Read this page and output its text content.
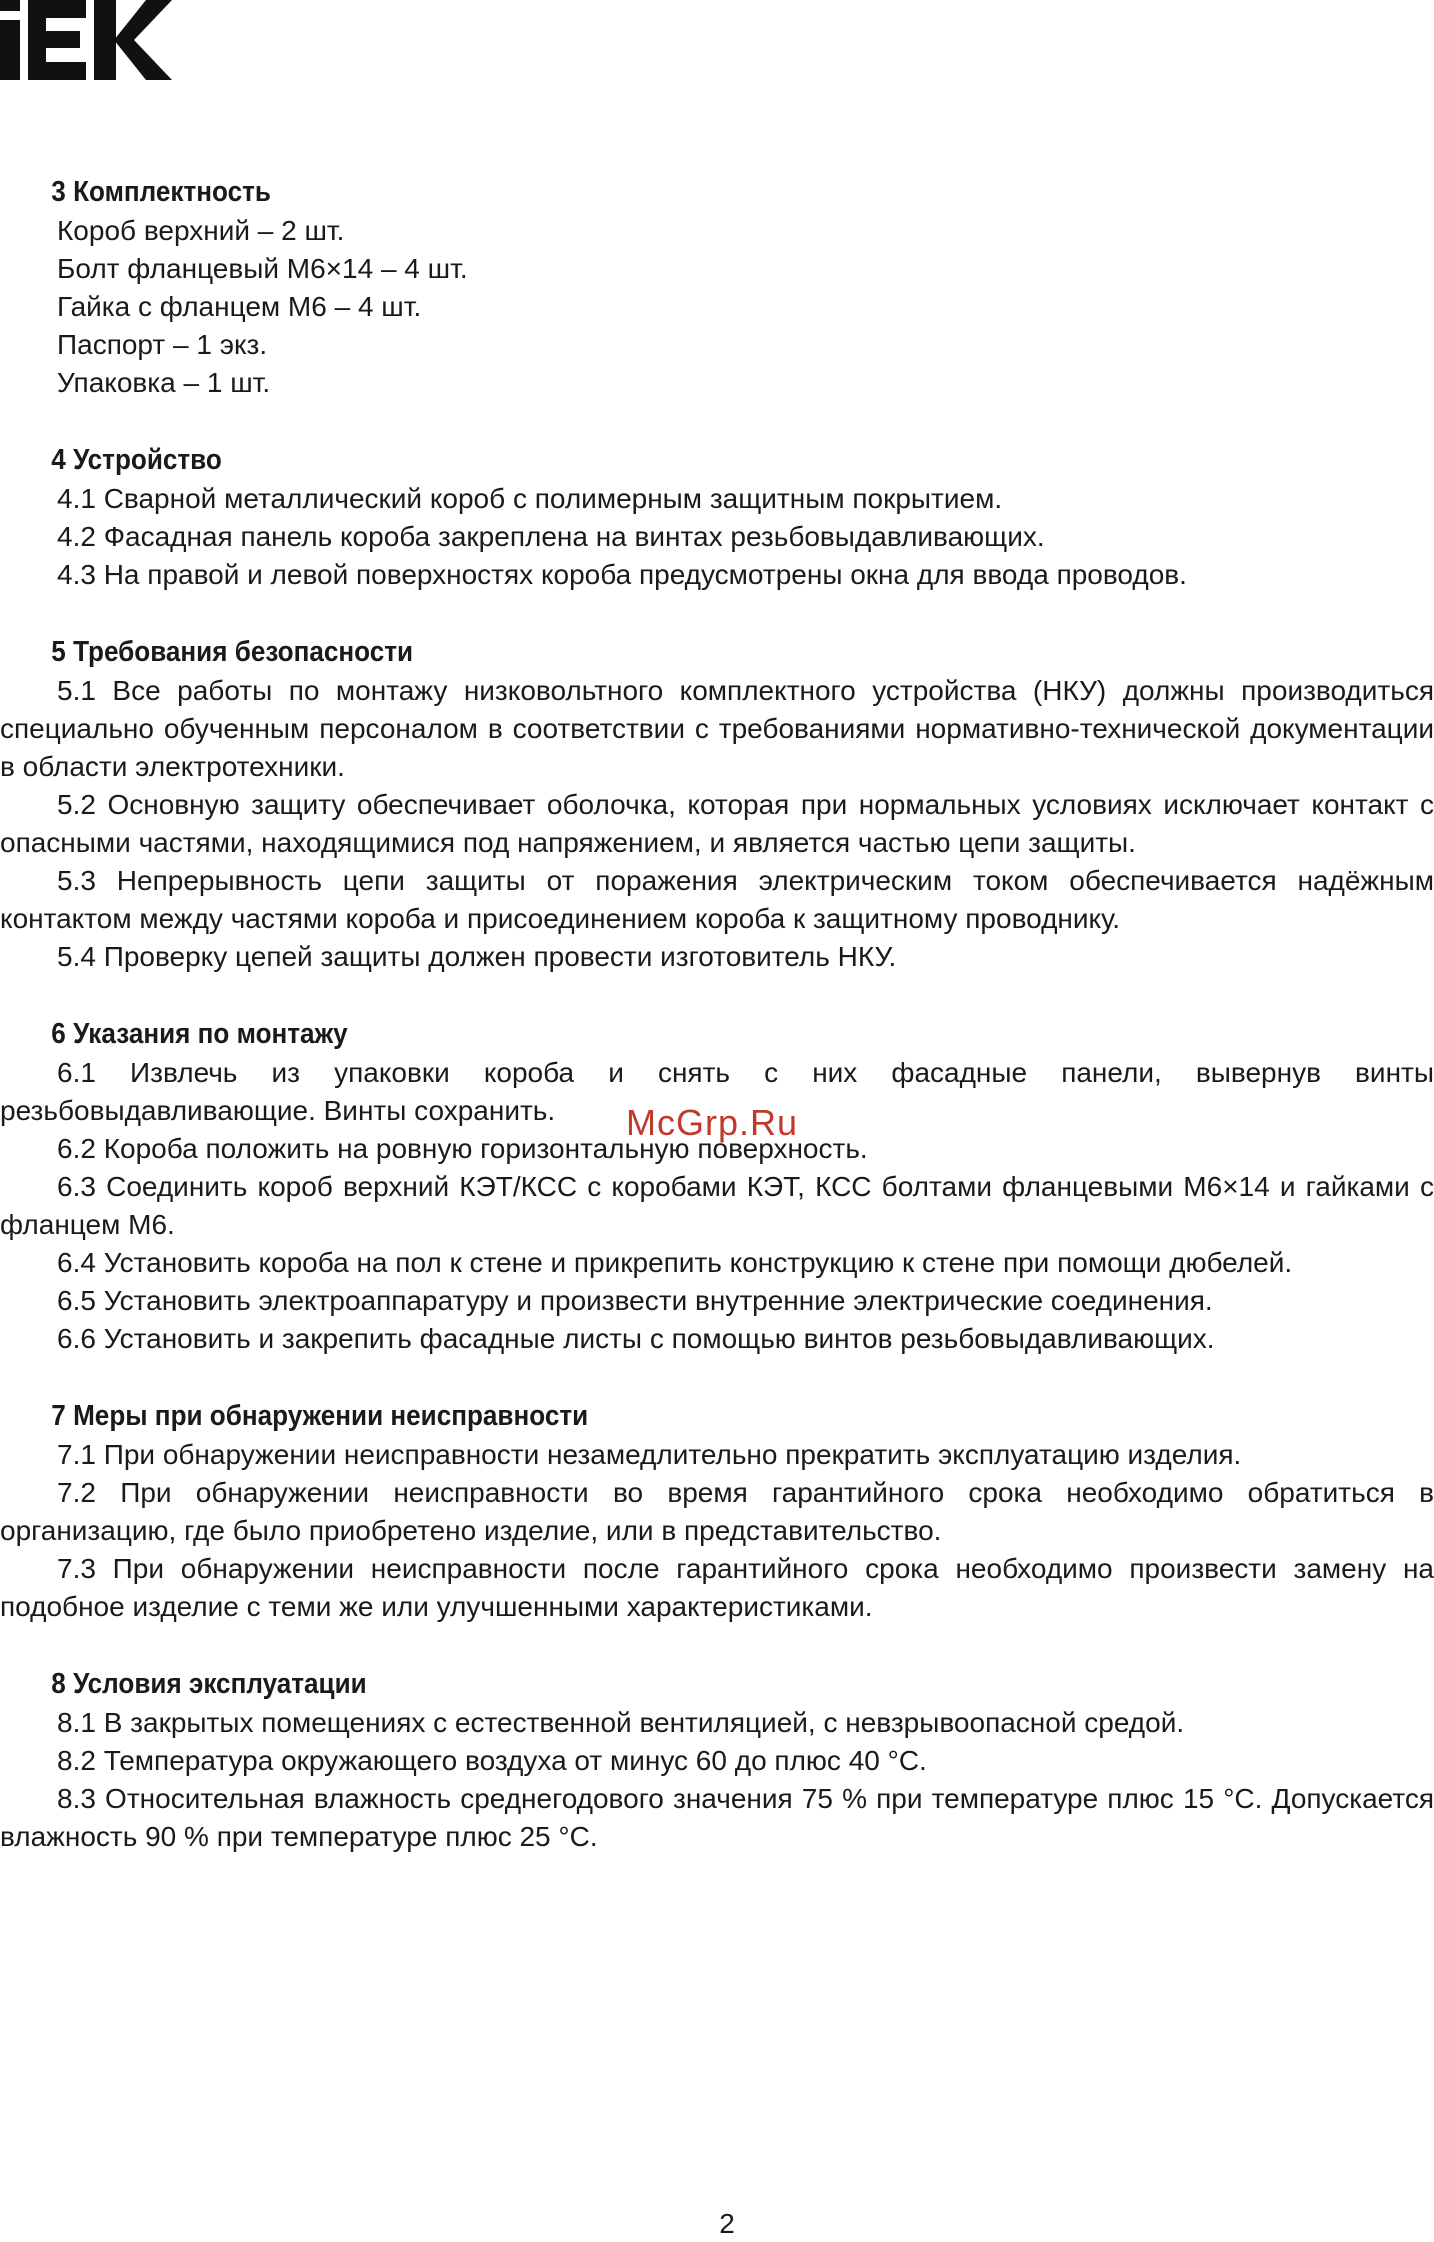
3 Комплектность
Короб верхний – 2 шт.
Болт фланцевый М6×14 – 4 шт.
Гайка с фланцем М6 – 4 шт.
Паспорт – 1 экз.
Упаковка – 1 шт.
4 Устройство
4.1 Сварной металлический короб с полимерным защитным покрытием.
4.2 Фасадная панель короба закреплена на винтах резьбовыдавливающих.
4.3 На правой и левой поверхностях короба предусмотрены окна для ввода проводов.
5 Требования безопасности
5.1 Все работы по монтажу низковольтного комплектного устройства (НКУ) должны производиться специально обученным персоналом в соответствии с требованиями нормативно-технической документации в области электротехники.
5.2 Основную защиту обеспечивает оболочка, которая при нормальных условиях исключает контакт с опасными частями, находящимися под напряжением, и является частью цепи защиты.
5.3 Непрерывность цепи защиты от поражения электрическим током обеспечивается надёжным контактом между частями короба и присоединением короба к защитному проводнику.
5.4 Проверку цепей защиты должен провести изготовитель НКУ.
6 Указания по монтажу
6.1 Извлечь из упаковки короба и снять с них фасадные панели, вывернув винты резьбовыдавливающие. Винты сохранить.
6.2 Короба положить на ровную горизонтальную поверхность.
6.3 Соединить короб верхний КЭТ/КСС с коробами КЭТ, КСС болтами фланцевыми М6×14 и гайками с фланцем М6.
6.4 Установить короба на пол к стене и прикрепить конструкцию к стене при помощи дюбелей.
6.5 Установить электроаппаратуру и произвести внутренние электрические соединения.
6.6 Установить и закрепить фасадные листы с помощью винтов резьбовыдавливающих.
7 Меры при обнаружении неисправности
7.1 При обнаружении неисправности незамедлительно прекратить эксплуатацию изделия.
7.2 При обнаружении неисправности во время гарантийного срока необходимо обратиться в организацию, где было приобретено изделие, или в представительство.
7.3 При обнаружении неисправности после гарантийного срока необходимо произвести замену на подобное изделие с теми же или улучшенными характеристиками.
8 Условия эксплуатации
8.1 В закрытых помещениях с естественной вентиляцией, с невзрывоопасной средой.
8.2 Температура окружающего воздуха от минус 60 до плюс 40 °С.
8.3 Относительная влажность среднегодового значения 75 % при температуре плюс 15 °С. Допускается влажность 90 % при температуре плюс 25 °С.
McGrp.Ru
2
